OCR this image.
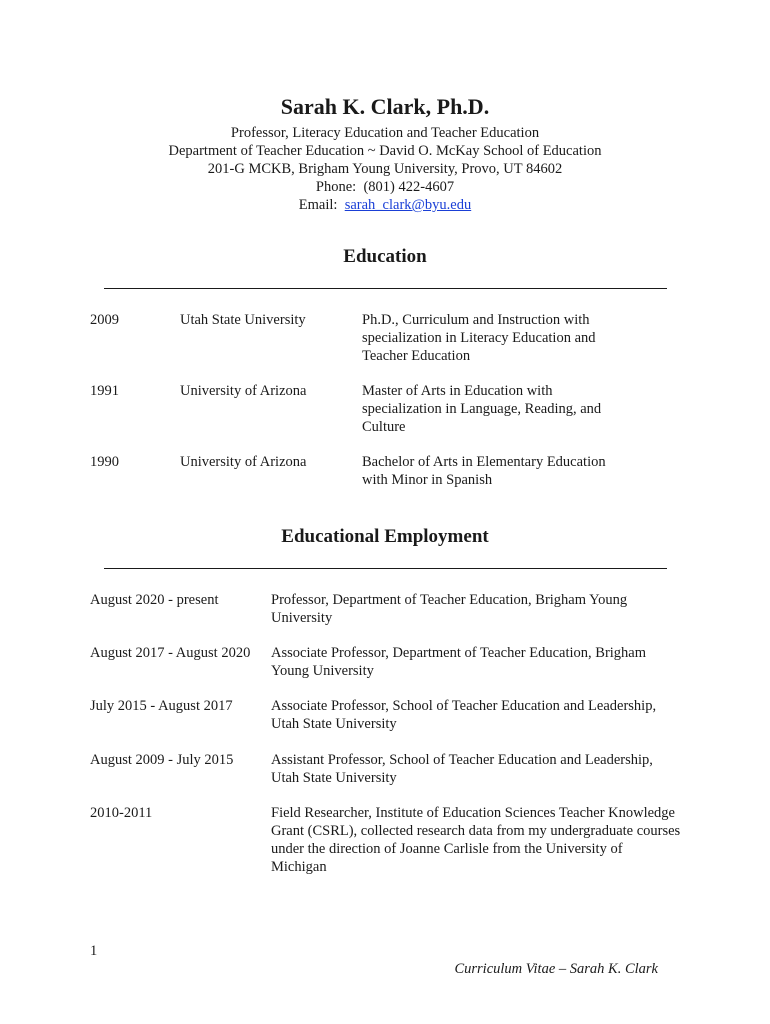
Sarah K. Clark, Ph.D.
Professor, Literacy Education and Teacher Education
Department of Teacher Education ~ David O. McKay School of Education
201-G MCKB, Brigham Young University, Provo, UT 84602
Phone: (801) 422-4607
Email: sarah_clark@byu.edu
Education
2009	Utah State University	Ph.D., Curriculum and Instruction with specialization in Literacy Education and Teacher Education
1991	University of Arizona	Master of Arts in Education with specialization in Language, Reading, and Culture
1990	University of Arizona	Bachelor of Arts in Elementary Education with Minor in Spanish
Educational Employment
August 2020 - present	Professor, Department of Teacher Education, Brigham Young University
August 2017 - August 2020 Associate Professor, Department of Teacher Education, Brigham Young University
July 2015 - August 2017	Associate Professor, School of Teacher Education and Leadership, Utah State University
August 2009 - July 2015	Assistant Professor, School of Teacher Education and Leadership, Utah State University
2010-2011	Field Researcher, Institute of Education Sciences Teacher Knowledge Grant (CSRL), collected research data from my undergraduate courses under the direction of Joanne Carlisle from the University of Michigan
1
Curriculum Vitae – Sarah K. Clark
